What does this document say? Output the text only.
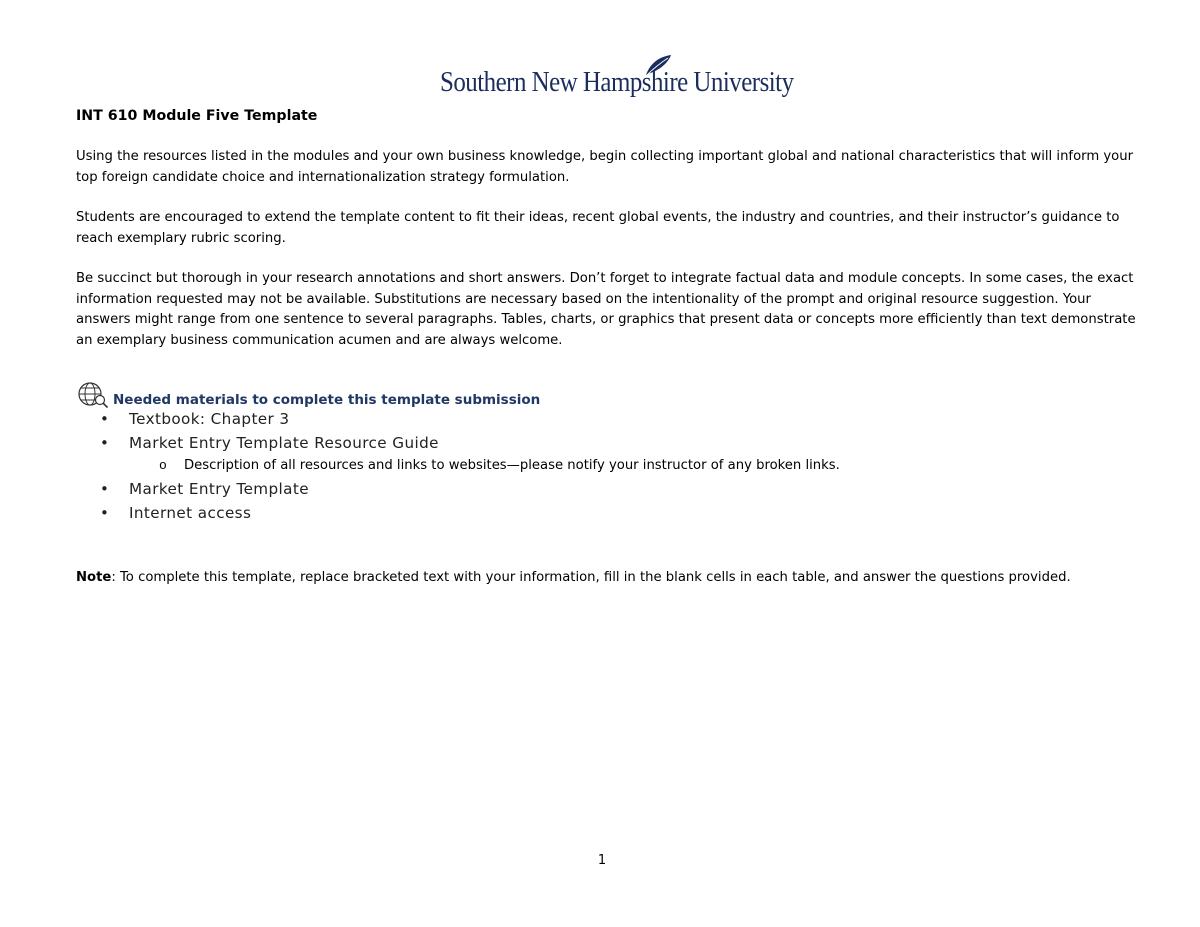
Southern New Hampshire University

INT 610 Module Five Template

Using the resources listed in the modules and your own business knowledge, begin collecting important global and national characteristics that will inform your top foreign candidate choice and internationalization strategy formulation.

Students are encouraged to extend the template content to fit their ideas, recent global events, the industry and countries, and their instructor’s guidance to reach exemplary rubric scoring.

Be succinct but thorough in your research annotations and short answers. Don’t forget to integrate factual data and module concepts. In some cases, the exact information requested may not be available. Substitutions are necessary based on the intentionality of the prompt and original resource suggestion. Your answers might range from one sentence to several paragraphs. Tables, charts, or graphics that present data or concepts more efficiently than text demonstrate an exemplary business communication acumen and are always welcome.

Needed materials to complete this template submission
• Textbook: Chapter 3
• Market Entry Template Resource Guide
o Description of all resources and links to websites—please notify your instructor of any broken links.
• Market Entry Template
• Internet access

Note: To complete this template, replace bracketed text with your information, fill in the blank cells in each table, and answer the questions provided.

1
